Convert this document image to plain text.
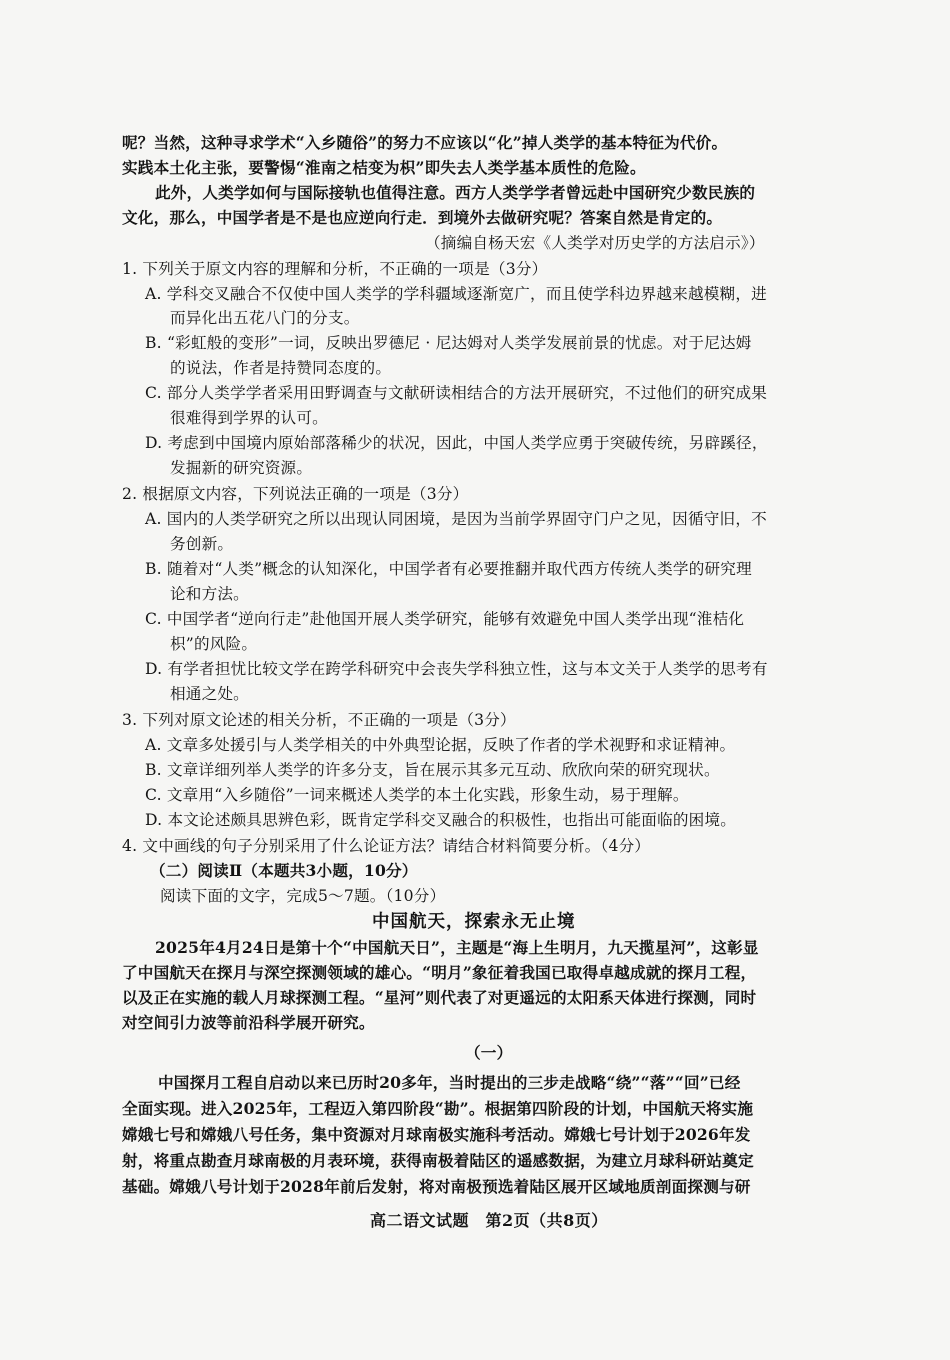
呢？当然，这种寻求学术“入乡随俗”的努力不应该以“化”掉人类学的基本特征为代价。
实践本土化主张，要警惕“淮南之桔变为枳”即失去人类学基本质性的危险。
此外，人类学如何与国际接轨也值得注意。西方人类学学者曾远赴中国研究少数民族的
文化，那么，中国学者是不是也应逆向行走．到境外去做研究呢？答案自然是肯定的。
（摘编自杨天宏《人类学对历史学的方法启示》）
1. 下列关于原文内容的理解和分析，不正确的一项是（3分）
A. 学科交叉融合不仅使中国人类学的学科疆域逐渐宽广，而且使学科边界越来越模糊，进
而异化出五花八门的分支。
B. “彩虹般的变形”一词，反映出罗德尼 · 尼达姆对人类学发展前景的忧虑。对于尼达姆
的说法，作者是持赞同态度的。
C. 部分人类学学者采用田野调查与文献研读相结合的方法开展研究，不过他们的研究成果
很难得到学界的认可。
D. 考虑到中国境内原始部落稀少的状况，因此，中国人类学应勇于突破传统，另辟蹊径，
发掘新的研究资源。
2. 根据原文内容，下列说法正确的一项是（3分）
A. 国内的人类学研究之所以出现认同困境，是因为当前学界固守门户之见，因循守旧，不
务创新。
B. 随着对“人类”概念的认知深化，中国学者有必要推翻并取代西方传统人类学的研究理
论和方法。
C. 中国学者“逆向行走”赴他国开展人类学研究，能够有效避免中国人类学出现“淮桔化
枳”的风险。
D. 有学者担忧比较文学在跨学科研究中会丧失学科独立性，这与本文关于人类学的思考有
相通之处。
3. 下列对原文论述的相关分析，不正确的一项是（3分）
A. 文章多处援引与人类学相关的中外典型论据，反映了作者的学术视野和求证精神。
B. 文章详细列举人类学的许多分支，旨在展示其多元互动、欣欣向荣的研究现状。
C. 文章用“入乡随俗”一词来概述人类学的本土化实践，形象生动，易于理解。
D. 本文论述颇具思辨色彩，既肯定学科交叉融合的积极性，也指出可能面临的困境。
4. 文中画线的句子分别采用了什么论证方法？请结合材料简要分析。（4分）
（二）阅读Ⅱ（本题共3小题，10分）
阅读下面的文字，完成5～7题。（10分）
中国航天，探索永无止境
2025年4月24日是第十个“中国航天日”，主题是“海上生明月，九天揽星河”，这彰显
了中国航天在探月与深空探测领域的雄心。“明月”象征着我国已取得卓越成就的探月工程，
以及正在实施的载人月球探测工程。“星河”则代表了对更遥远的太阳系天体进行探测，同时
对空间引力波等前沿科学展开研究。
（一）
中国探月工程自启动以来已历时20多年，当时提出的三步走战略“绕”“落”“回”已经
全面实现。进入2025年，工程迈入第四阶段“勘”。根据第四阶段的计划，中国航天将实施
嫦娥七号和嫦娥八号任务，集中资源对月球南极实施科考活动。嫦娥七号计划于2026年发
射，将重点勘查月球南极的月表环境，获得南极着陆区的遥感数据，为建立月球科研站奠定
基础。嫦娥八号计划于2028年前后发射，将对南极预选着陆区展开区域地质剖面探测与研
高二语文试题　第2页（共8页）
